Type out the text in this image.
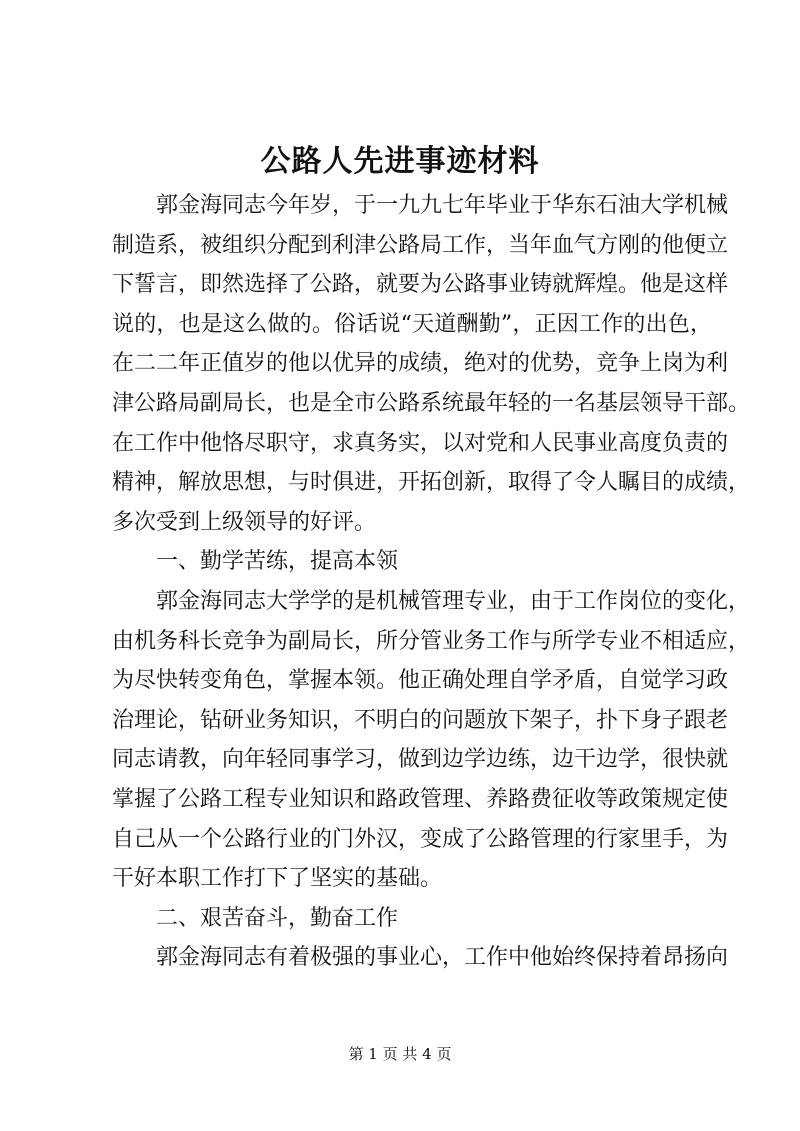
公路人先进事迹材料
郭金海同志今年岁，于一九九七年毕业于华东石油大学机械
制造系，被组织分配到利津公路局工作，当年血气方刚的他便立
下誓言，即然选择了公路，就要为公路事业铸就辉煌。他是这样
说的，也是这么做的。俗话说“天道酬勤”，正因工作的出色，
在二二年正值岁的他以优异的成绩，绝对的优势，竞争上岗为利
津公路局副局长，也是全市公路系统最年轻的一名基层领导干部。
在工作中他恪尽职守，求真务实，以对党和人民事业高度负责的
精神，解放思想，与时俱进，开拓创新，取得了令人瞩目的成绩，
多次受到上级领导的好评。
一、勤学苦练，提高本领
郭金海同志大学学的是机械管理专业，由于工作岗位的变化，
由机务科长竞争为副局长，所分管业务工作与所学专业不相适应，
为尽快转变角色，掌握本领。他正确处理自学矛盾，自觉学习政
治理论，钻研业务知识，不明白的问题放下架子，扑下身子跟老
同志请教，向年轻同事学习，做到边学边练，边干边学，很快就
掌握了公路工程专业知识和路政管理、养路费征收等政策规定使
自己从一个公路行业的门外汉，变成了公路管理的行家里手，为
干好本职工作打下了坚实的基础。
二、艰苦奋斗，勤奋工作
郭金海同志有着极强的事业心，工作中他始终保持着昂扬向
第 1 页 共 4 页
